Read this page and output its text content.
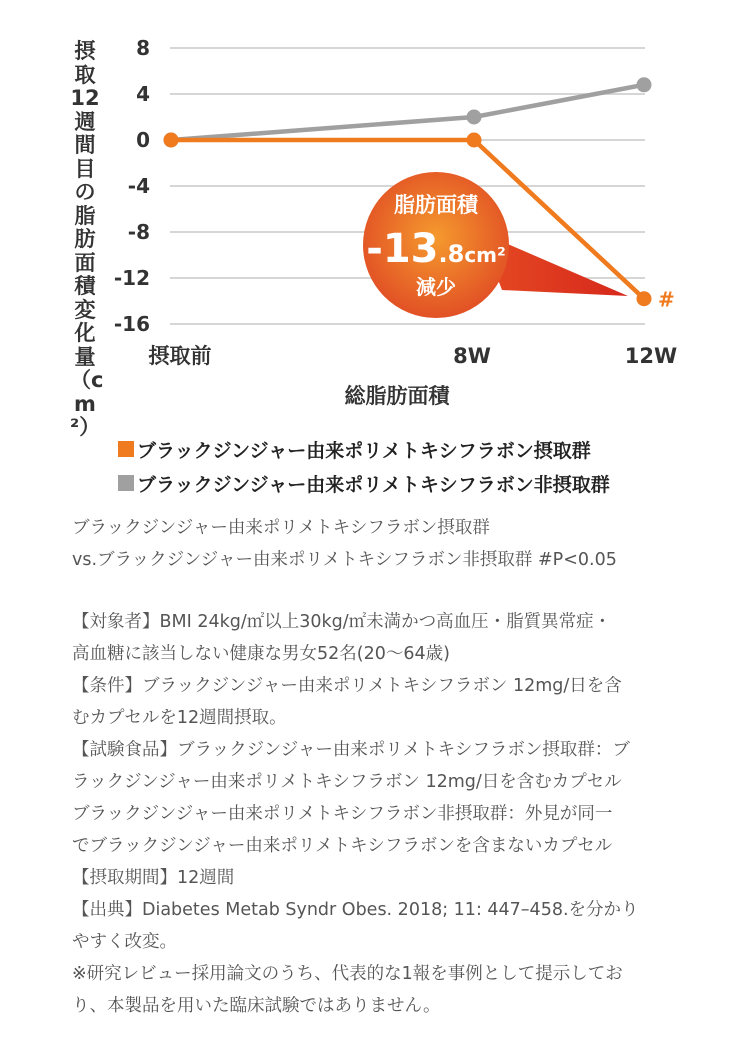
8
4
0
-4
-8
-12
-16
摂取前	8W	12W
#
脂肪面積
-13.8cm²
減少
総脂肪面積
摂取12週間目の脂肪面積変化量（cm²）
ブラックジンジャー由来ポリメトキシフラボン摂取群
ブラックジンジャー由来ポリメトキシフラボン非摂取群

ブラックジンジャー由来ポリメトキシフラボン摂取群

vs.ブラックジンジャー由来ポリメトキシフラボン非摂取群 #P<0.05

【対象者】BMI 24kg/㎡以上30kg/㎡未満かつ高血圧・脂質異常症・

高血糖に該当しない健康な男女52名(20～64歳)

【条件】ブラックジンジャー由来ポリメトキシフラボン 12mg/日を含

むカプセルを12週間摂取。

【試験食品】ブラックジンジャー由来ポリメトキシフラボン摂取群：ブ

ラックジンジャー由来ポリメトキシフラボン 12mg/日を含むカプセル

ブラックジンジャー由来ポリメトキシフラボン非摂取群：外見が同一

でブラックジンジャー由来ポリメトキシフラボンを含まないカプセル

【摂取期間】12週間

【出典】Diabetes Metab Syndr Obes. 2018; 11: 447–458.を分かり

やすく改変。

※研究レビュー採用論文のうち、代表的な1報を事例として提示してお

り、本製品を用いた臨床試験ではありません。
